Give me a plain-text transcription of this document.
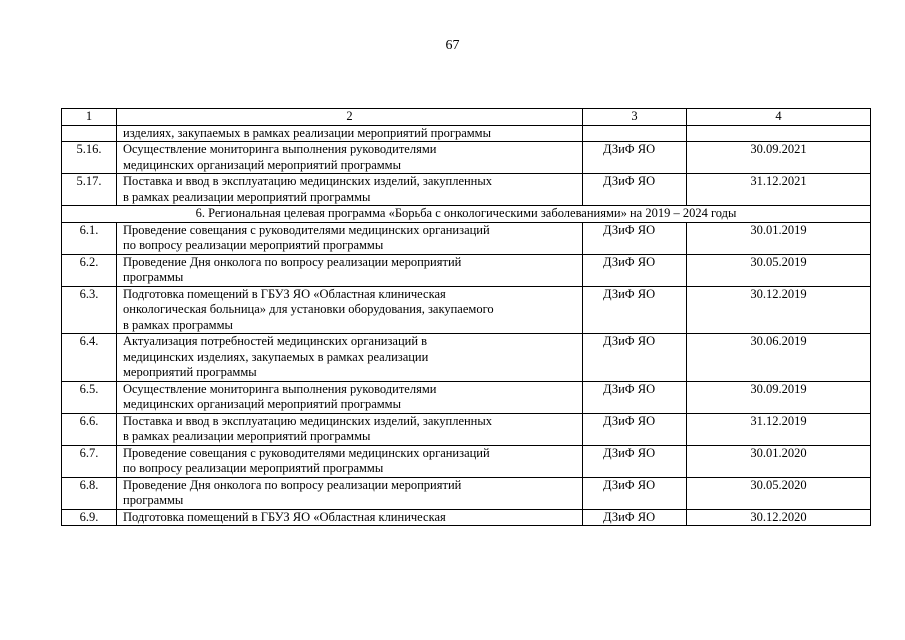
67
1	2	3	4
	изделиях, закупаемых в рамках реализации мероприятий программы		
5.16.	Осуществление мониторинга выполнения руководителями
медицинских организаций мероприятий программы	ДЗиФ ЯО	30.09.2021
5.17.	Поставка и ввод в эксплуатацию медицинских изделий, закупленных
в рамках реализации мероприятий программы	ДЗиФ ЯО	31.12.2021
6. Региональная целевая программа «Борьба с онкологическими заболеваниями» на 2019 – 2024 годы			
6.1.	Проведение совещания с руководителями медицинских организаций
по вопросу реализации мероприятий программы	ДЗиФ ЯО	30.01.2019
6.2.	Проведение Дня онколога по вопросу реализации мероприятий
программы	ДЗиФ ЯО	30.05.2019
6.3.	Подготовка помещений в ГБУЗ ЯО «Областная клиническая
онкологическая больница» для установки оборудования, закупаемого
в рамках программы	ДЗиФ ЯО	30.12.2019
6.4.	Актуализация потребностей медицинских организаций в
медицинских изделиях, закупаемых в рамках реализации
мероприятий программы	ДЗиФ ЯО	30.06.2019
6.5.	Осуществление мониторинга выполнения руководителями
медицинских организаций мероприятий программы	ДЗиФ ЯО	30.09.2019
6.6.	Поставка и ввод в эксплуатацию медицинских изделий, закупленных
в рамках реализации мероприятий программы	ДЗиФ ЯО	31.12.2019
6.7.	Проведение совещания с руководителями медицинских организаций
по вопросу реализации мероприятий программы	ДЗиФ ЯО	30.01.2020
6.8.	Проведение Дня онколога по вопросу реализации мероприятий
программы	ДЗиФ ЯО	30.05.2020
6.9.	Подготовка помещений в ГБУЗ ЯО «Областная клиническая	ДЗиФ ЯО	30.12.2020
